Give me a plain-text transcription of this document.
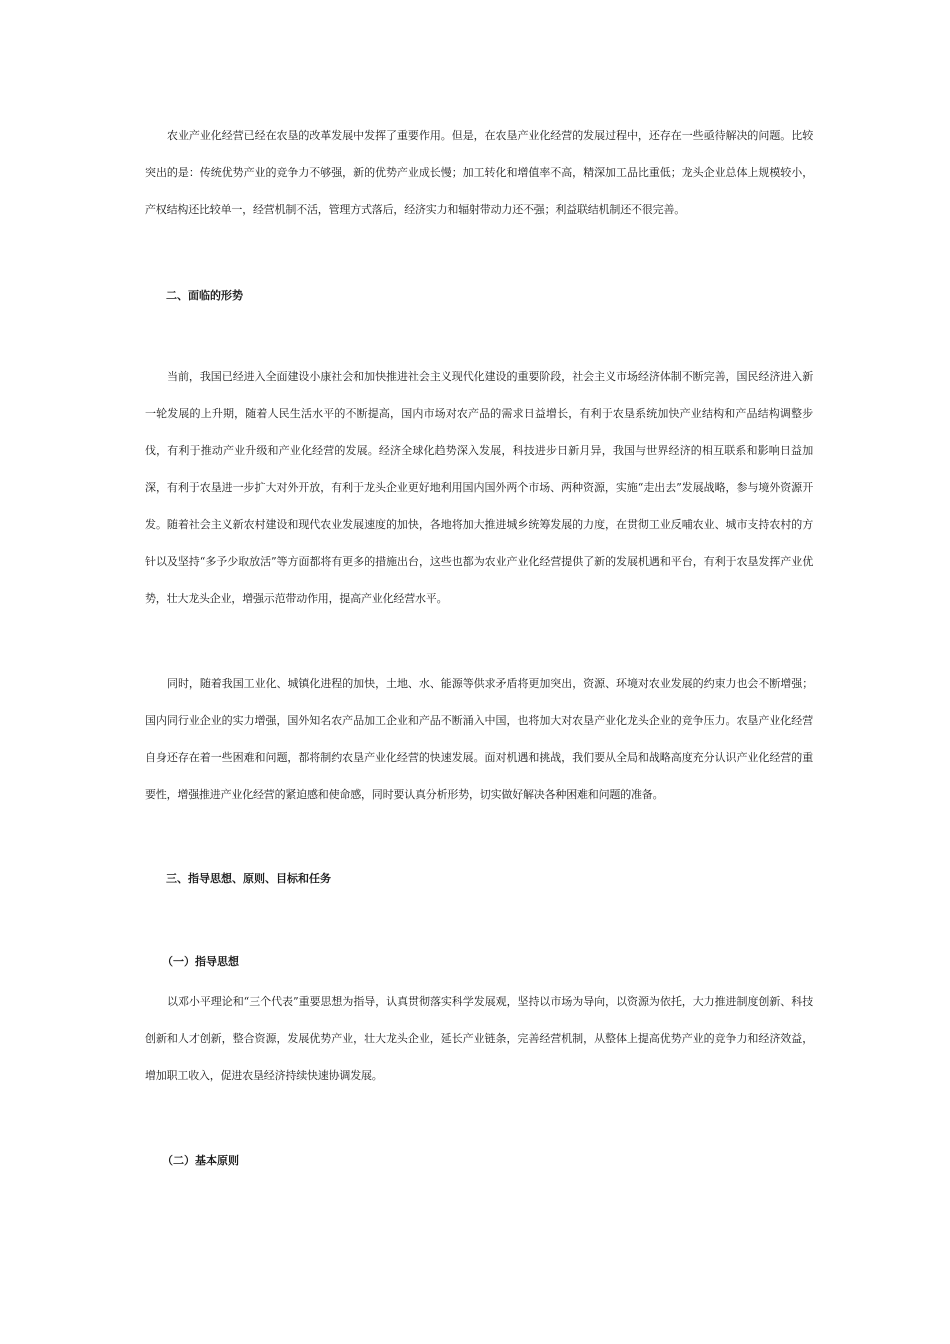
农业产业化经营已经在农垦的改革发展中发挥了重要作用。但是，在农垦产业化经营的发展过程中，还存在一些亟待解决的问题。比较突出的是：传统优势产业的竞争力不够强，新的优势产业成长慢；加工转化和增值率不高，精深加工品比重低；龙头企业总体上规模较小，产权结构还比较单一，经营机制不活，管理方式落后，经济实力和辐射带动力还不强；利益联结机制还不很完善。

二、面临的形势

当前，我国已经进入全面建设小康社会和加快推进社会主义现代化建设的重要阶段，社会主义市场经济体制不断完善，国民经济进入新一轮发展的上升期，随着人民生活水平的不断提高，国内市场对农产品的需求日益增长，有利于农垦系统加快产业结构和产品结构调整步伐，有利于推动产业升级和产业化经营的发展。经济全球化趋势深入发展，科技进步日新月异，我国与世界经济的相互联系和影响日益加深，有利于农垦进一步扩大对外开放，有利于龙头企业更好地利用国内国外两个市场、两种资源，实施“走出去”发展战略，参与境外资源开发。随着社会主义新农村建设和现代农业发展速度的加快，各地将加大推进城乡统筹发展的力度，在贯彻工业反哺农业、城市支持农村的方针以及坚持“多予少取放活”等方面都将有更多的措施出台，这些也都为农业产业化经营提供了新的发展机遇和平台，有利于农垦发挥产业优势，壮大龙头企业，增强示范带动作用，提高产业化经营水平。

同时，随着我国工业化、城镇化进程的加快，土地、水、能源等供求矛盾将更加突出，资源、环境对农业发展的约束力也会不断增强；国内同行业企业的实力增强，国外知名农产品加工企业和产品不断涌入中国，也将加大对农垦产业化龙头企业的竞争压力。农垦产业化经营自身还存在着一些困难和问题，都将制约农垦产业化经营的快速发展。面对机遇和挑战，我们要从全局和战略高度充分认识产业化经营的重要性，增强推进产业化经营的紧迫感和使命感，同时要认真分析形势，切实做好解决各种困难和问题的准备。

三、指导思想、原则、目标和任务
（一）指导思想

以邓小平理论和“三个代表”重要思想为指导，认真贯彻落实科学发展观，坚持以市场为导向，以资源为依托，大力推进制度创新、科技创新和人才创新，整合资源，发展优势产业，壮大龙头企业，延长产业链条，完善经营机制，从整体上提高优势产业的竞争力和经济效益，增加职工收入，促进农垦经济持续快速协调发展。

（二）基本原则
